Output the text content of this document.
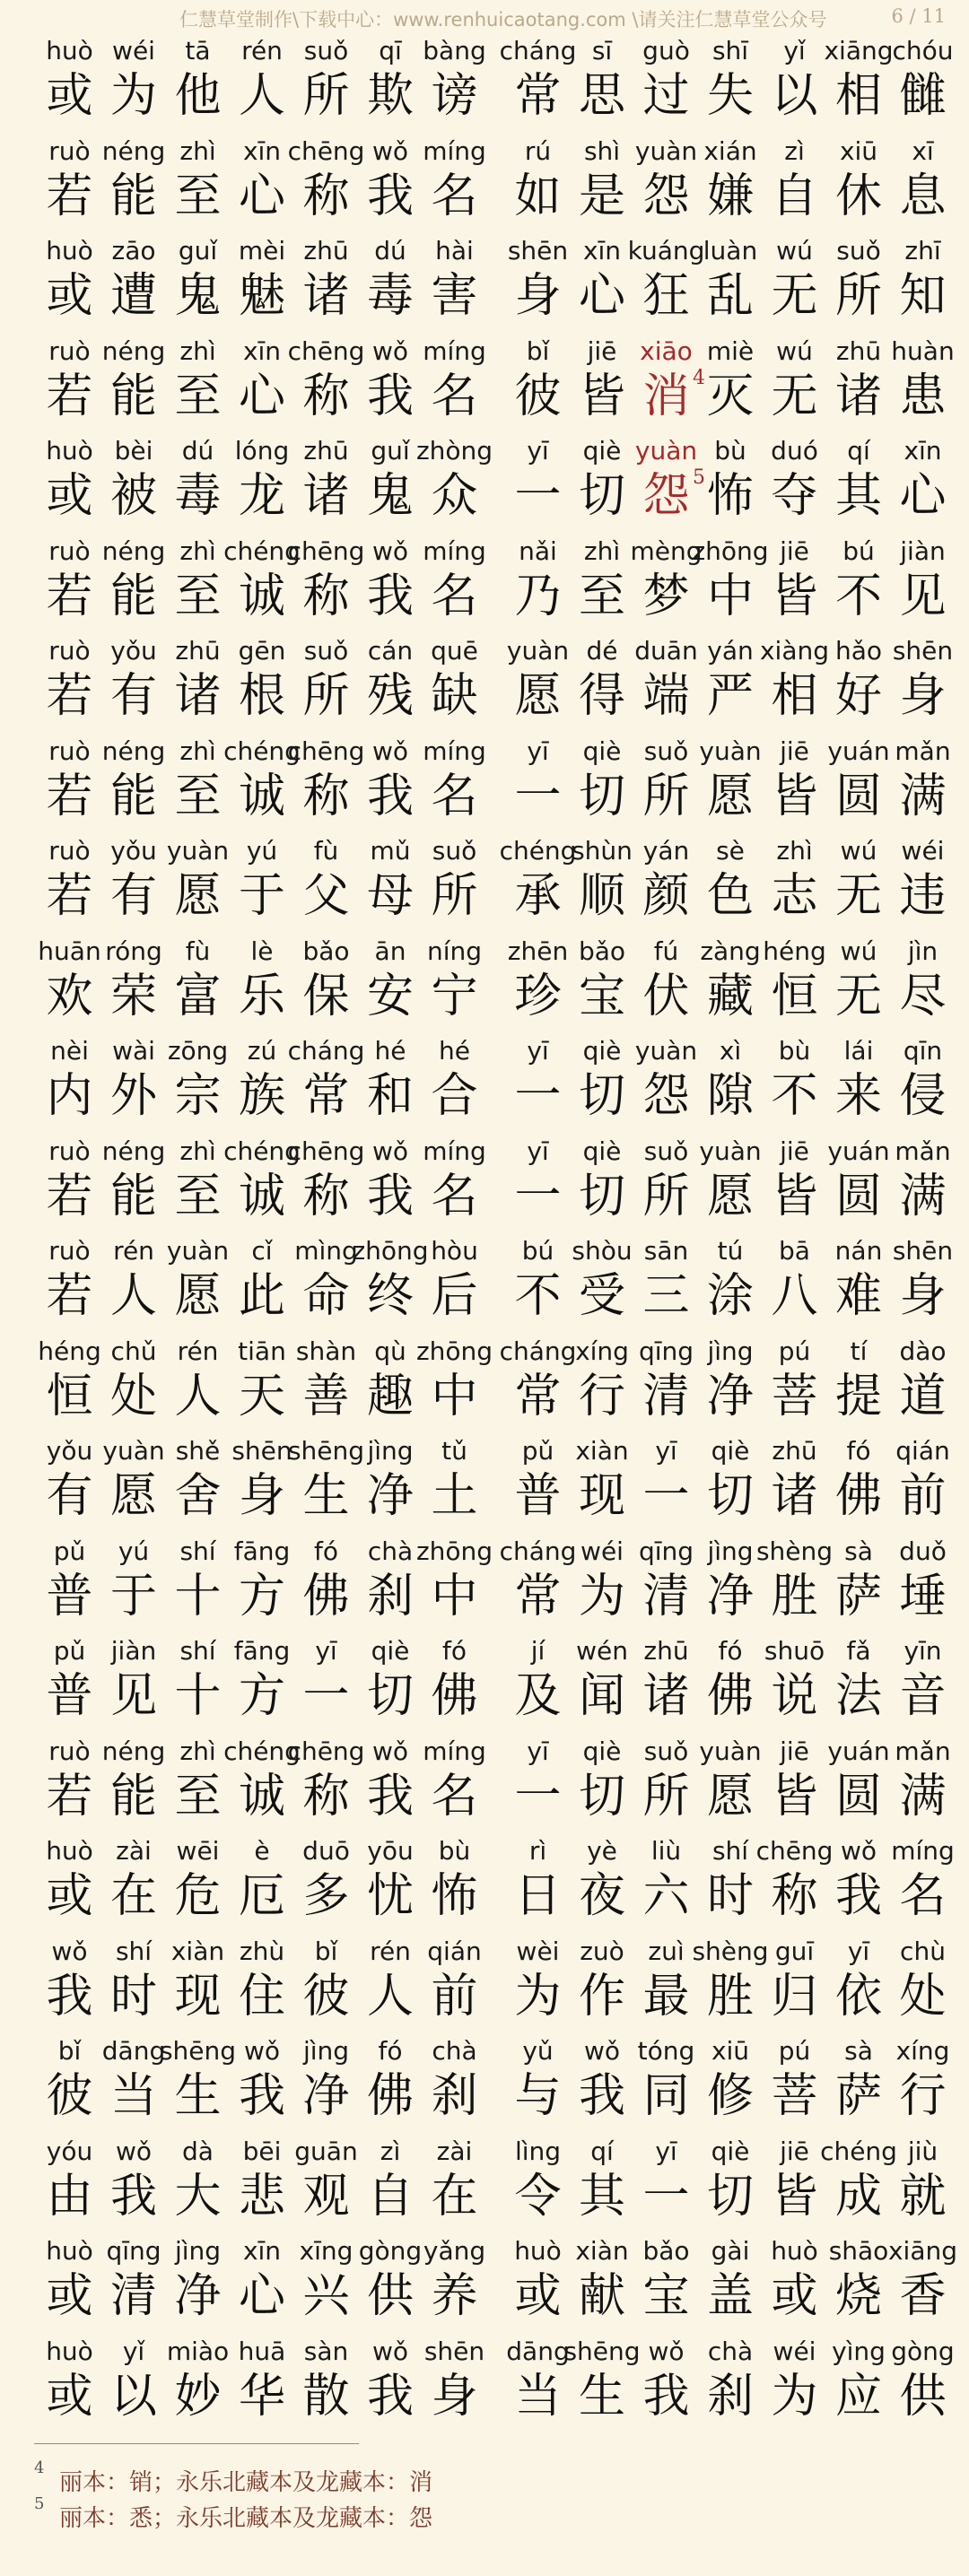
仁慧草堂制作\下载中心：www.renhuicaotang.com \请关注仁慧草堂公众号	6 / 11
huò
或
wéi
为
tā
他
rén
人
suǒ
所
qī
欺
bàng
谤
cháng
常
sī
思
guò
过
shī
失
yǐ
以
xiāng
相
chóu
雠
ruò
若
néng
能
zhì
至
xīn
心
chēng
称
wǒ
我
míng
名
rú
如
shì
是
yuàn
怨
xián
嫌
zì
自
xiū
休
xī
息
huò
或
zāo
遭
guǐ
鬼
mèi
魅
zhū
诸
dú
毒
hài
害
shēn
身
xīn
心
kuáng
狂
luàn
乱
wú
无
suǒ
所
zhī
知
ruò
若
néng
能
zhì
至
xīn
心
chēng
称
wǒ
我
míng
名
bǐ
彼
jiē
皆
xiāo
消 4
miè
灭
wú
无
zhū
诸
huàn
患
huò
或
bèi
被
dú
毒
lóng
龙
zhū
诸
guǐ
鬼
zhòng
众
yī
一
qiè
切
yuàn
怨 5
bù
怖
duó
夺
qí
其
xīn
心
ruò
若
néng
能
zhì
至
chéng
诚
chēng
称
wǒ
我
míng
名
nǎi
乃
zhì
至
mèng
梦
zhōng
中
jiē
皆
bú
不
jiàn
见
ruò
若
yǒu
有
zhū
诸
gēn
根
suǒ
所
cán
残
quē
缺
yuàn
愿
dé
得
duān
端
yán
严
xiàng
相
hǎo
好
shēn
身
ruò
若
néng
能
zhì
至
chéng
诚
chēng
称
wǒ
我
míng
名
yī
一
qiè
切
suǒ
所
yuàn
愿
jiē
皆
yuán
圆
mǎn
满
ruò
若
yǒu
有
yuàn
愿
yú
于
fù
父
mǔ
母
suǒ
所
chéng
承
shùn
顺
yán
颜
sè
色
zhì
志
wú
无
wéi
违
huān
欢
róng
荣
fù
富
lè
乐
bǎo
保
ān
安
níng
宁
zhēn
珍
bǎo
宝
fú
伏
zàng
藏
héng
恒
wú
无
jìn
尽
nèi
内
wài
外
zōng
宗
zú
族
cháng
常
hé
和
hé
合
yī
一
qiè
切
yuàn
怨
xì
隙
bù
不
lái
来
qīn
侵
ruò
若
néng
能
zhì
至
chéng
诚
chēng
称
wǒ
我
míng
名
yī
一
qiè
切
suǒ
所
yuàn
愿
jiē
皆
yuán
圆
mǎn
满
ruò
若
rén
人
yuàn
愿
cǐ
此
mìng
命
zhōng
终
hòu
后
bú
不
shòu
受
sān
三
tú
涂
bā
八
nán
难
shēn
身
héng
恒
chǔ
处
rén
人
tiān
天
shàn
善
qù
趣
zhōng
中
cháng
常
xíng
行
qīng
清
jìng
净
pú
菩
tí
提
dào
道
yǒu
有
yuàn
愿
shě
舍
shēn
身
shēng
生
jìng
净
tǔ
土
pǔ
普
xiàn
现
yī
一
qiè
切
zhū
诸
fó
佛
qián
前
pǔ
普
yú
于
shí
十
fāng
方
fó
佛
chà
刹
zhōng
中
cháng
常
wéi
为
qīng
清
jìng
净
shèng
胜
sà
萨
duǒ
埵
pǔ
普
jiàn
见
shí
十
fāng
方
yī
一
qiè
切
fó
佛
jí
及
wén
闻
zhū
诸
fó
佛
shuō
说
fǎ
法
yīn
音
ruò
若
néng
能
zhì
至
chéng
诚
chēng
称
wǒ
我
míng
名
yī
一
qiè
切
suǒ
所
yuàn
愿
jiē
皆
yuán
圆
mǎn
满
huò
或
zài
在
wēi
危
è
厄
duō
多
yōu
忧
bù
怖
rì
日
yè
夜
liù
六
shí
时
chēng
称
wǒ
我
míng
名
wǒ
我
shí
时
xiàn
现
zhù
住
bǐ
彼
rén
人
qián
前
wèi
为
zuò
作
zuì
最
shèng
胜
guī
归
yī
依
chù
处
bǐ
彼
dāng
当
shēng
生
wǒ
我
jìng
净
fó
佛
chà
刹
yǔ
与
wǒ
我
tóng
同
xiū
修
pú
菩
sà
萨
xíng
行
yóu
由
wǒ
我
dà
大
bēi
悲
guān
观
zì
自
zài
在
lìng
令
qí
其
yī
一
qiè
切
jiē
皆
chéng
成
jiù
就
huò
或
qīng
清
jìng
净
xīn
心
xīng
兴
gòng
供
yǎng
养
huò
或
xiàn
献
bǎo
宝
gài
盖
huò
或
shāo
烧
xiāng
香
huò
或
yǐ
以
miào
妙
huā
华
sàn
散
wǒ
我
shēn
身
dāng
当
shēng
生
wǒ
我
chà
刹
wéi
为
yìng
应
gòng
供
4
丽本：销；永乐北藏本及龙藏本：消
5
丽本：悉；永乐北藏本及龙藏本：怨
